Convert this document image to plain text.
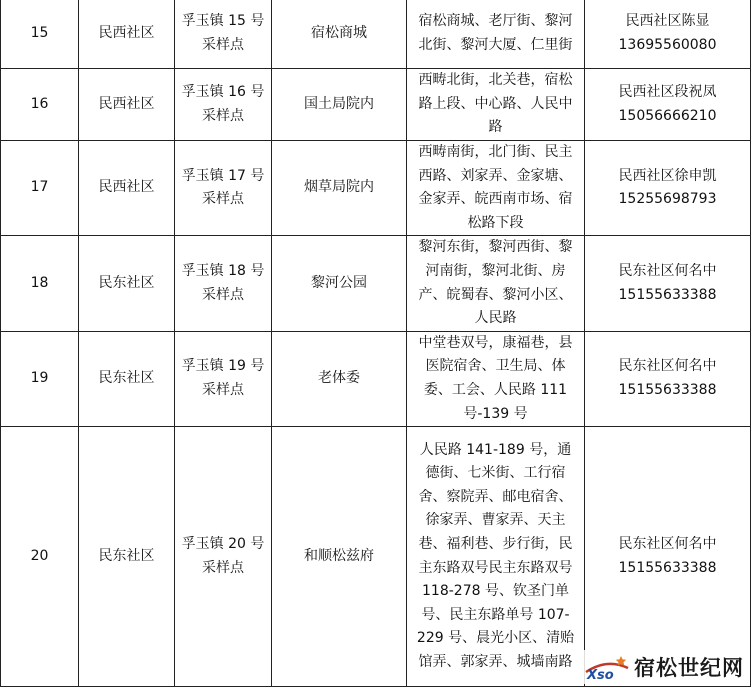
15	民西社区	孚玉镇 15 号采样点	宿松商城	宿松商城、老厅街、黎河北街、黎河大厦、仁里街	民西社区陈显
13695560080

16	民西社区	孚玉镇 16 号采样点	国土局院内	西畴北街，北关巷，宿松路上段、中心路、人民中路	民西社区段祝凤
15056666210

17	民西社区	孚玉镇 17 号采样点	烟草局院内	西畴南街，北门街、民主西路、刘家弄、金家塘、金家弄、皖西南市场、宿松路下段	民西社区徐申凯
15255698793

18	民东社区	孚玉镇 18 号采样点	黎河公园	黎河东街，黎河西街、黎河南街，黎河北街、房产、皖蜀春、黎河小区、人民路	民东社区何名中
15155633388

19	民东社区	孚玉镇 19 号采样点	老体委	中堂巷双号，康福巷，县医院宿舍、卫生局、体委、工会、人民路 111 号-139 号	民东社区何名中
15155633388

20	民东社区	孚玉镇 20 号采样点	和顺松兹府	人民路 141-189 号，通德街、七米街、工行宿舍、察院弄、邮电宿舍、徐家弄、曹家弄、天主巷、福利巷、步行街，民主东路双号民主东路双号 118-278 号、钦圣门单号、民主东路单号 107-229 号、晨光小区、清贻馆弄、郭家弄、城墙南路	民东社区何名中
15155633388
Xso 宿松世纪网
